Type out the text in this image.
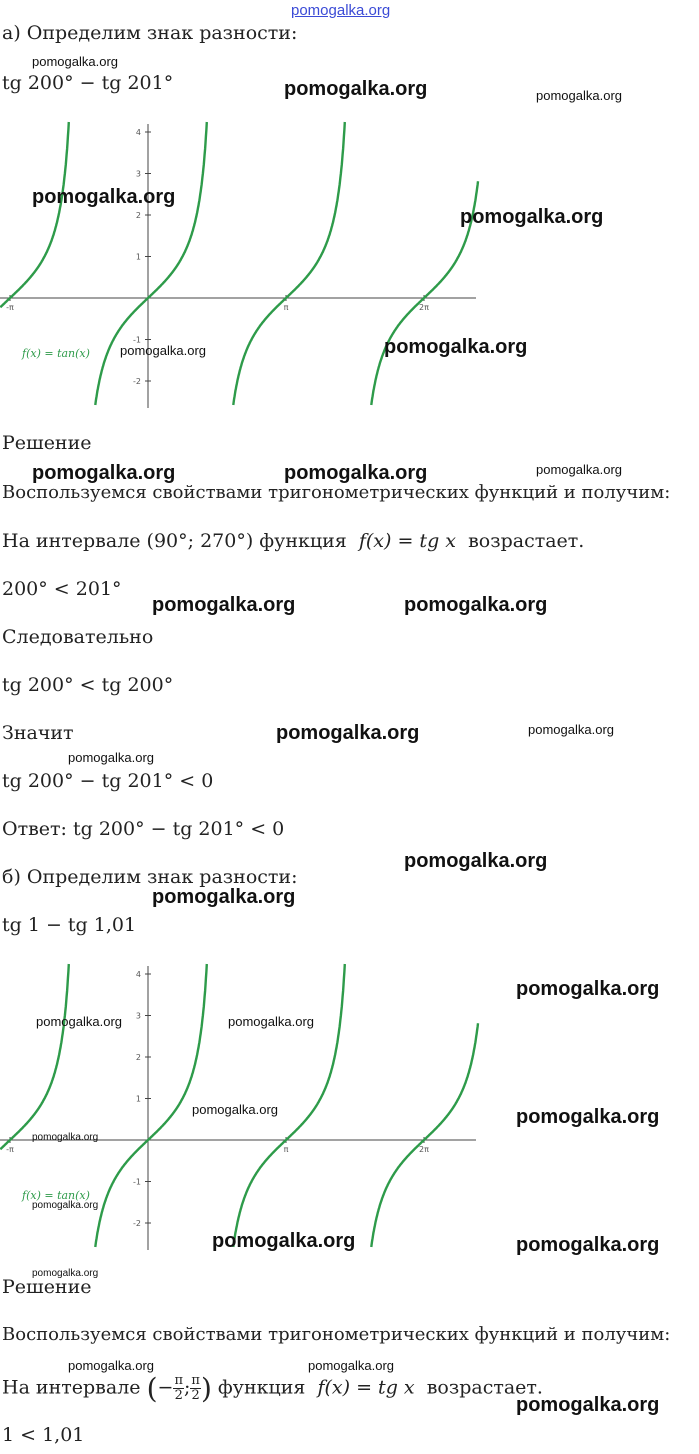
pomogalka.org
а) Определим знак разности:
tg 200° − tg 201°
4
3
2
1
-1
-2
-π	π	2π
f(x) = tan(x)
Решение
Воспользуемся свойствами тригонометрических функций и получим:
На интервале (90°; 270°) функция f(x) = tg x возрастает.
200° < 201°
Следовательно
tg 200° < tg 200°
Значит
tg 200° − tg 201° < 0
Ответ: tg 200° − tg 201° < 0
б) Определим знак разности:
tg 1 − tg 1,01
4
3
2
1
-1
-2
-π	π	2π
f(x) = tan(x)
Решение
Воспользуемся свойствами тригонометрических функций и получим:
На интервале (− $\frac{\pi}{2}$ ; $\frac{\pi}{2}$ ) функция f(x) = tg x возрастает.
1 < 1,01
pomogalka.org
pomogalka.org	pomogalka.org
pomogalka.org
pomogalka.org
pomogalka.org	pomogalka.org
pomogalka.org	pomogalka.org	pomogalka.org
pomogalka.org	pomogalka.org
pomogalka.org	pomogalka.org
pomogalka.org
pomogalka.org
pomogalka.org
pomogalka.org
pomogalka.org	pomogalka.org
pomogalka.org	pomogalka.org
pomogalka.org
pomogalka.org
pomogalka.org	pomogalka.org
pomogalka.org
pomogalka.org	pomogalka.org
pomogalka.org
